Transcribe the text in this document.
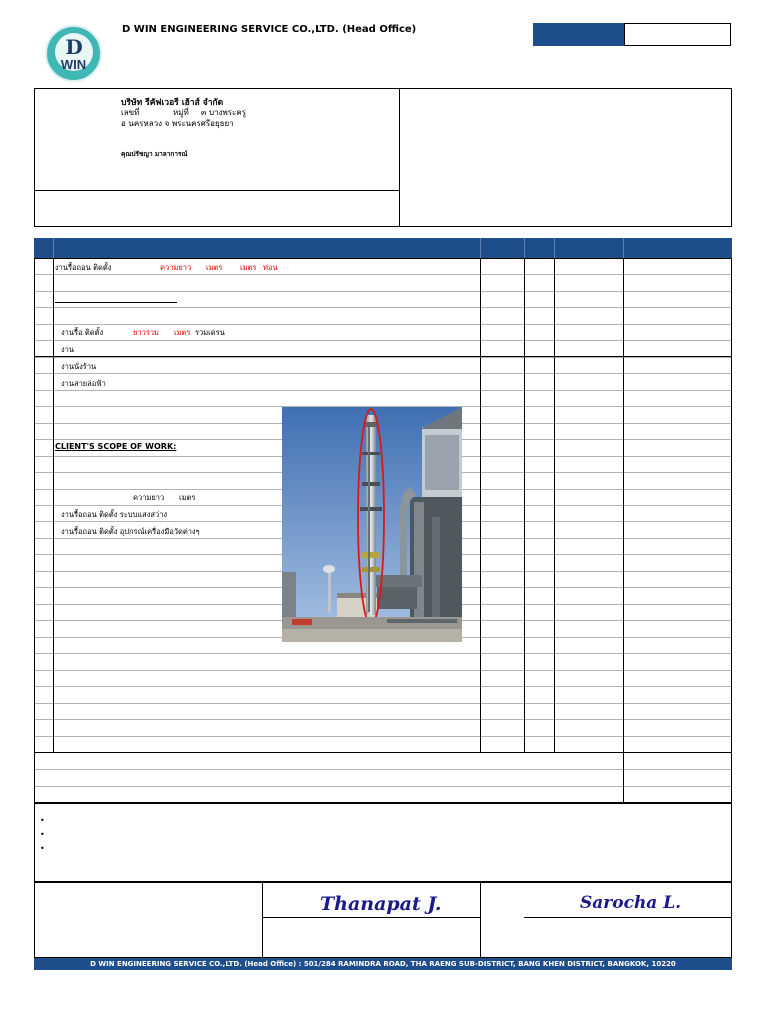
D
WIN
D WIN ENGINEERING SERVICE CO.,LTD. (Head Office)
บริษัท รีคัฟเวอรี เฮ้าส์ จำกัด
เลขที่	หมู่ที่ ๓ บางพระครู
อ นครหลวง จ พระนครศรีอยุธยา
คุณปรัชญา มาลาการณ์
งานรื้อถอน ติดตั้ง	ความยาว เมตร เมตร ท่อน
งานรื้อ ติดตั้ง	ยาวรวม เมตร รวมเดรน
งาน
งานนั่งร้าน
งานสายล่อฟ้า
CLIENT'S SCOPE OF WORK:
ความยาว เมตร
งานรื้อถอน ติดตั้ง ระบบแสงสว่าง
งานรื้อถอน ติดตั้ง อุปกรณ์เครื่องมือวัดต่างๆ
•
•
•
Thanapat J.	Sarocha L.
D WIN ENGINEERING SERVICE CO.,LTD. (Head Office) : 501/284 RAMINDRA ROAD, THA RAENG SUB-DISTRICT, BANG KHEN DISTRICT, BANGKOK, 10220
